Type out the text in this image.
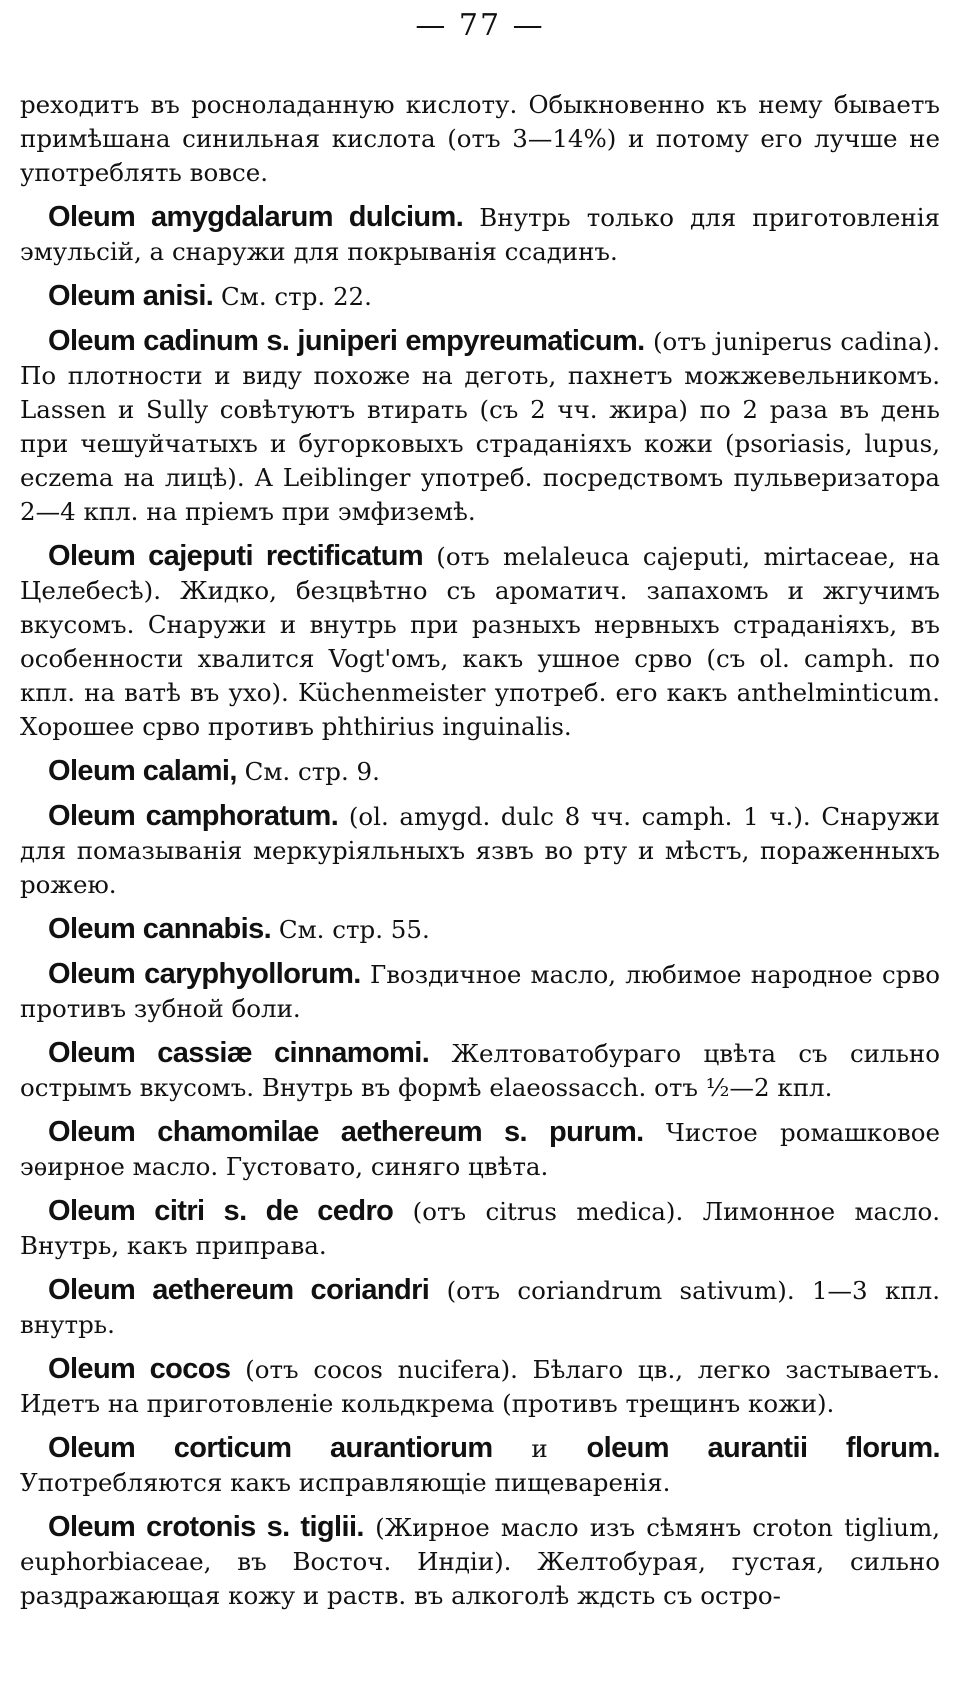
— 77 —

реходитъ въ росноладанную кислоту. Обыкновенно къ нему бываетъ примѣшана синильная кислота (отъ 3—14%) и потому его лучше не употреблять вовсе.

Oleum amygdalarum dulcium. Внутрь только для приготовленія эмульсій, а снаружи для покрыванія ссадинъ.

Oleum anisi. См. стр. 22.

Oleum cadinum s. juniperi empyreumaticum. (отъ juniperus cadina). По плотности и виду похоже на деготь, пахнетъ можжевельникомъ. Lassen и Sully совѣтуютъ втирать (съ 2 чч. жира) по 2 раза въ день при чешуйчатыхъ и бугорковыхъ страданіяхъ кожи (psoriasis, lupus, eczema на лицѣ). A Leiblinger употреб. посредствомъ пульверизатора 2—4 кпл. на пріемъ при эмфиземѣ.

Oleum cajeputi rectificatum (отъ melaleuca cajeputi, mirtaceae, на Целебесѣ). Жидко, безцвѣтно съ ароматич. запахомъ и жгучимъ вкусомъ. Снаружи и внутрь при разныхъ нервныхъ страданіяхъ, въ особенности хвалится Vogt'омъ, какъ ушное срво (съ ol. camph. по кпл. на ватѣ въ ухо). Küchenmeister употреб. его какъ anthelminticum. Хорошее срво противъ phthirius inguinalis.

Oleum calami, См. стр. 9.

Oleum camphoratum. (ol. amygd. dulc 8 чч. camph. 1 ч.). Снаружи для помазыванія меркуріяльныхъ язвъ во рту и мѣстъ, пораженныхъ рожею.

Oleum cannabis. См. стр. 55.

Oleum caryphyollorum. Гвоздичное масло, любимое народное срво противъ зубной боли.

Oleum cassiæ cinnamomi. Желтоватобураго цвѣта съ сильно острымъ вкусомъ. Внутрь въ формѣ elaeossacch. отъ ½—2 кпл.

Oleum chamomilae aethereum s. purum. Чистое ромашковое эѳирное масло. Густовато, синяго цвѣта.

Oleum citri s. de cedro (отъ citrus medica). Лимонное масло. Внутрь, какъ приправа.

Oleum aethereum coriandri (отъ coriandrum sativum). 1—3 кпл. внутрь.

Oleum cocos (отъ cocos nucifera). Бѣлаго цв., легко застываетъ. Идетъ на приготовленіе кольдкрема (противъ трещинъ кожи).

Oleum corticum aurantiorum и oleum aurantii florum. Употребляются какъ исправляющіе пищеваренія.

Oleum crotonis s. tiglii. (Жирное масло изъ сѣмянъ croton tiglium, euphorbiaceae, въ Восточ. Индіи). Желтобурая, густая, сильно раздражающая кожу и раств. въ алкоголѣ ждсть съ остро-
